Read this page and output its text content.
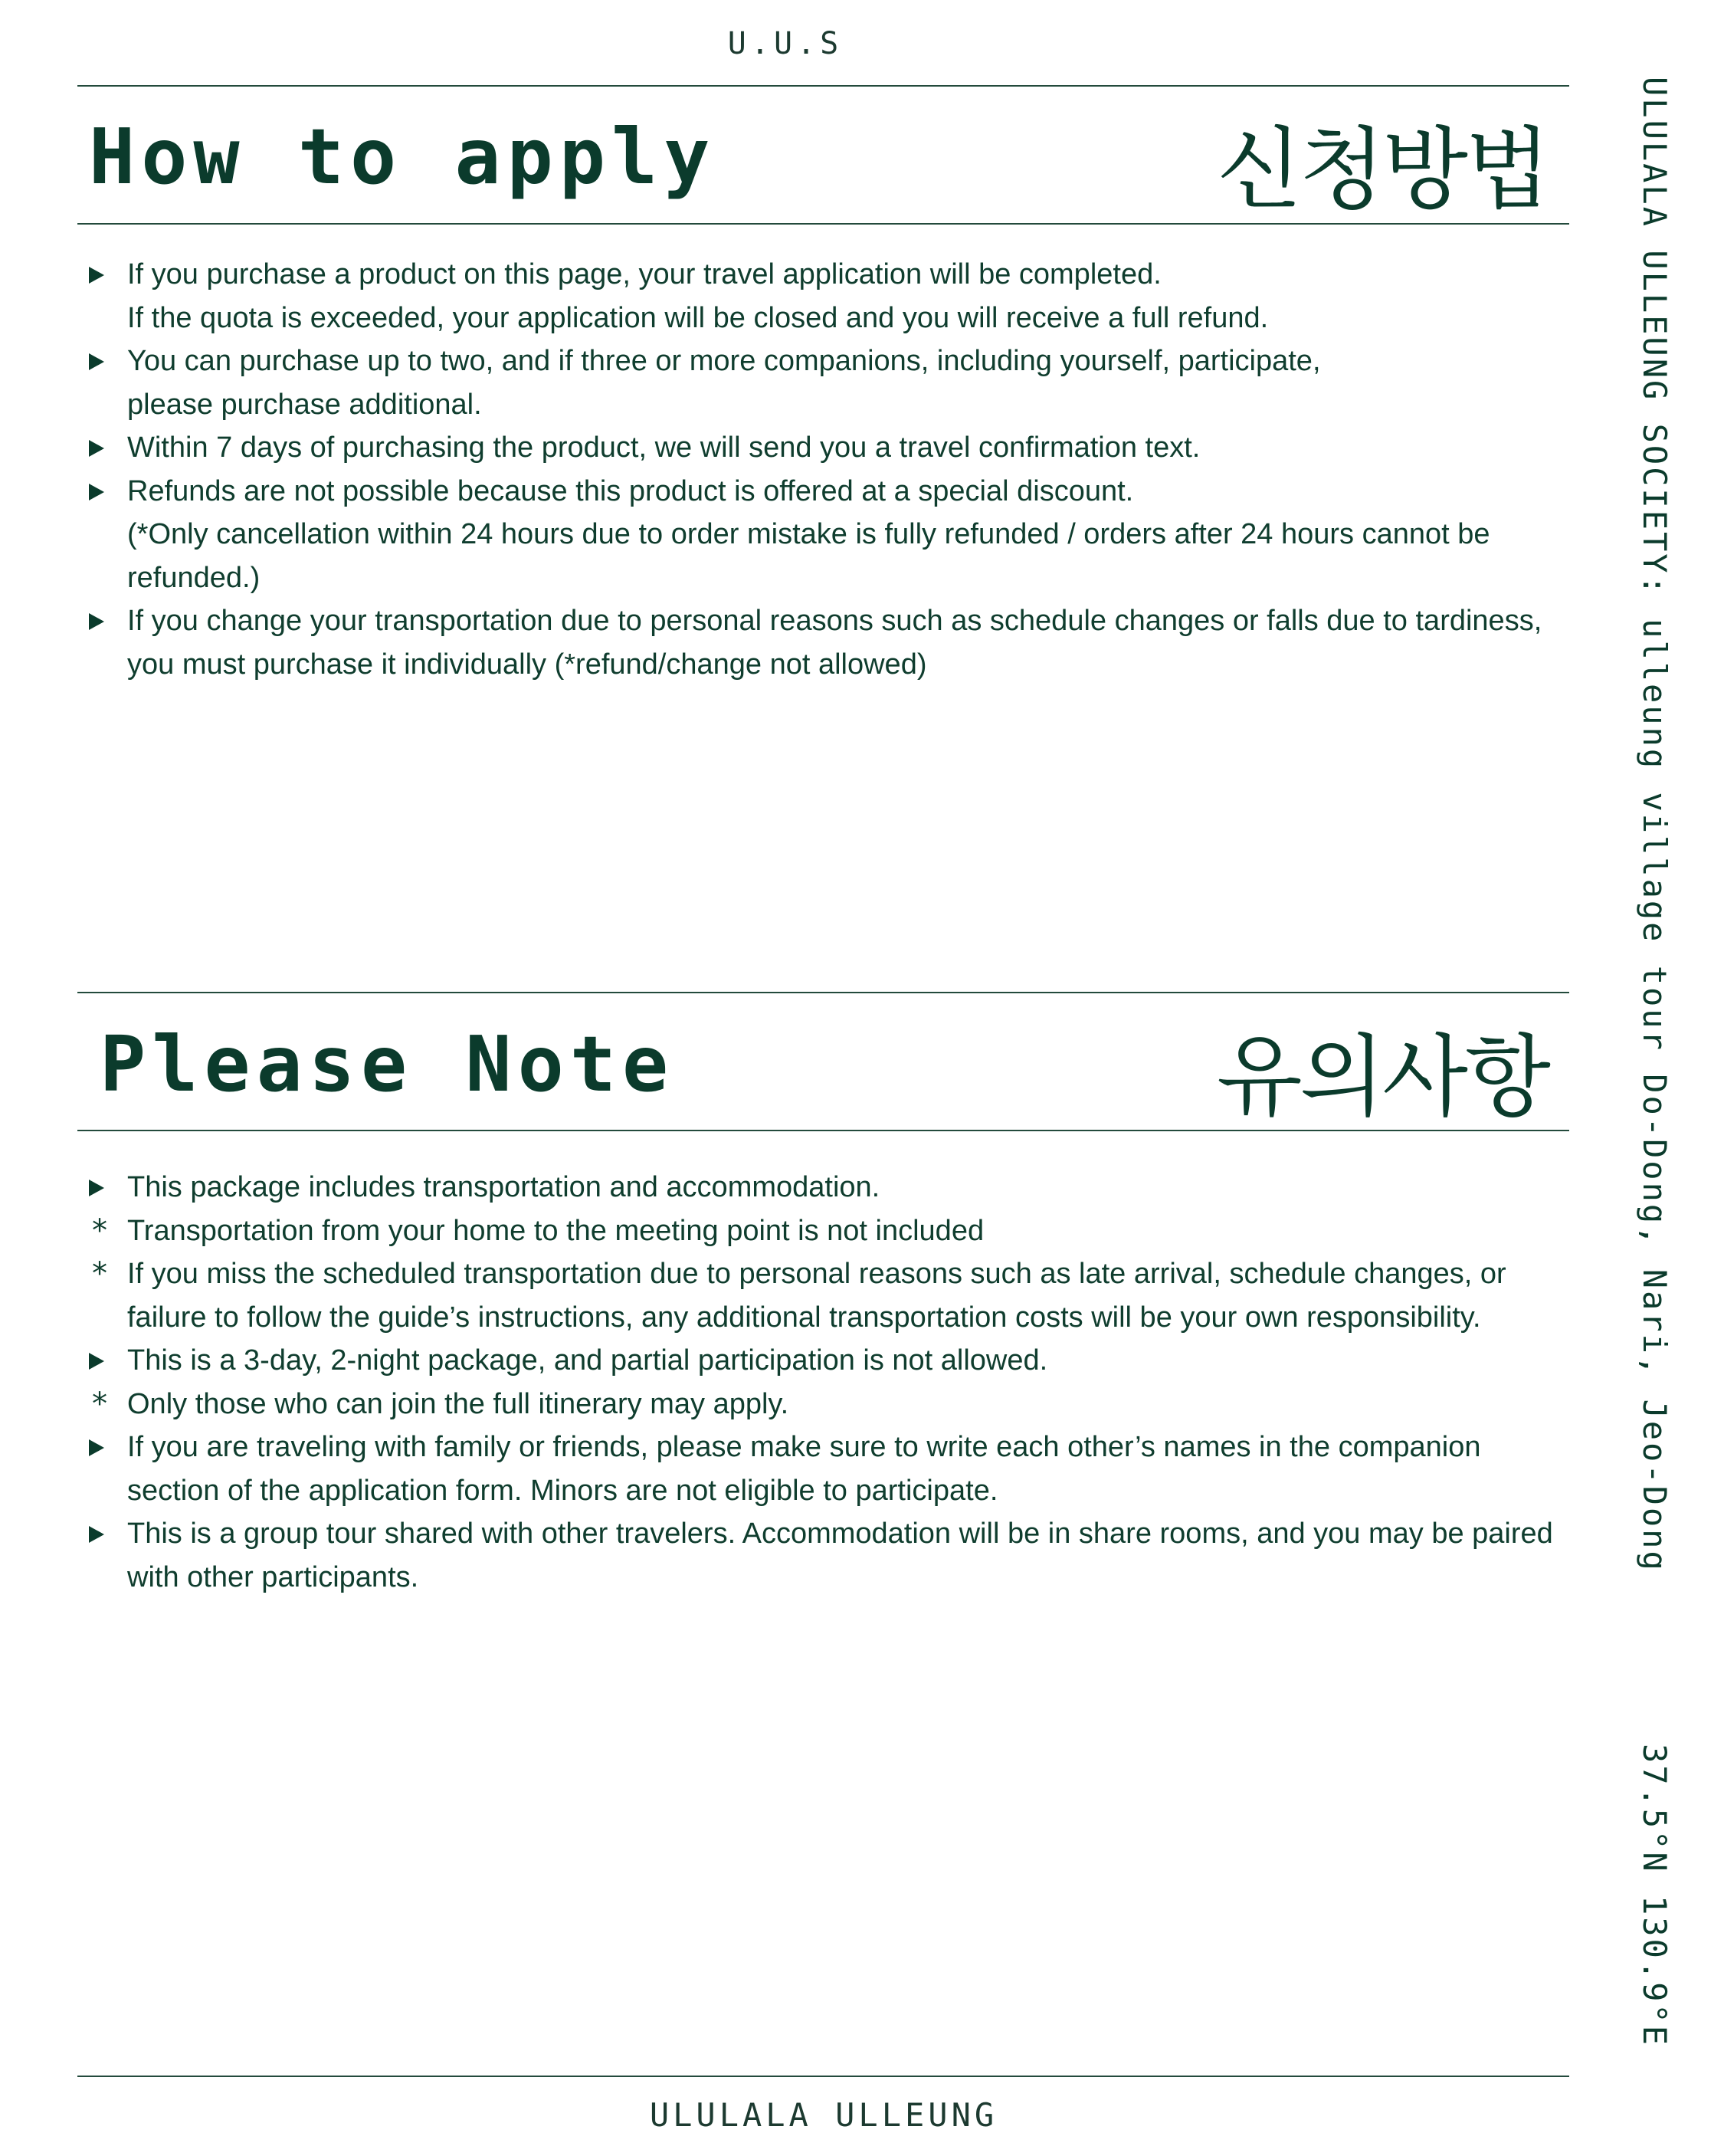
U.U.S
How to apply	신청방법
If you purchase a product on this page, your travel application will be completed.
If the quota is exceeded, your application will be closed and you will receive a full refund.
You can purchase up to two, and if three or more companions, including yourself, participate,
please purchase additional.
Within 7 days of purchasing the product, we will send you a travel confirmation text.
Refunds are not possible because this product is offered at a special discount.
(*Only cancellation within 24 hours due to order mistake is fully refunded / orders after 24 hours cannot be
refunded.)
If you change your transportation due to personal reasons such as schedule changes or falls due to tardiness,
you must purchase it individually (*refund/change not allowed)
Please Note	유의사항
This package includes transportation and accommodation.
* Transportation from your home to the meeting point is not included
* If you miss the scheduled transportation due to personal reasons such as late arrival, schedule changes, or
failure to follow the guide’s instructions, any additional transportation costs will be your own responsibility.
This is a 3-day, 2-night package, and partial participation is not allowed.
* Only those who can join the full itinerary may apply.
If you are traveling with family or friends, please make sure to write each other’s names in the companion
section of the application form. Minors are not eligible to participate.
This is a group tour shared with other travelers. Accommodation will be in share rooms, and you may be paired
with other participants.
ULULALA ULLEUNG
ULULALA ULLEUNG SOCIETY: ulleung village tour Do-Dong, Nari, Jeo-Dong
37.5°N 130.9°E
